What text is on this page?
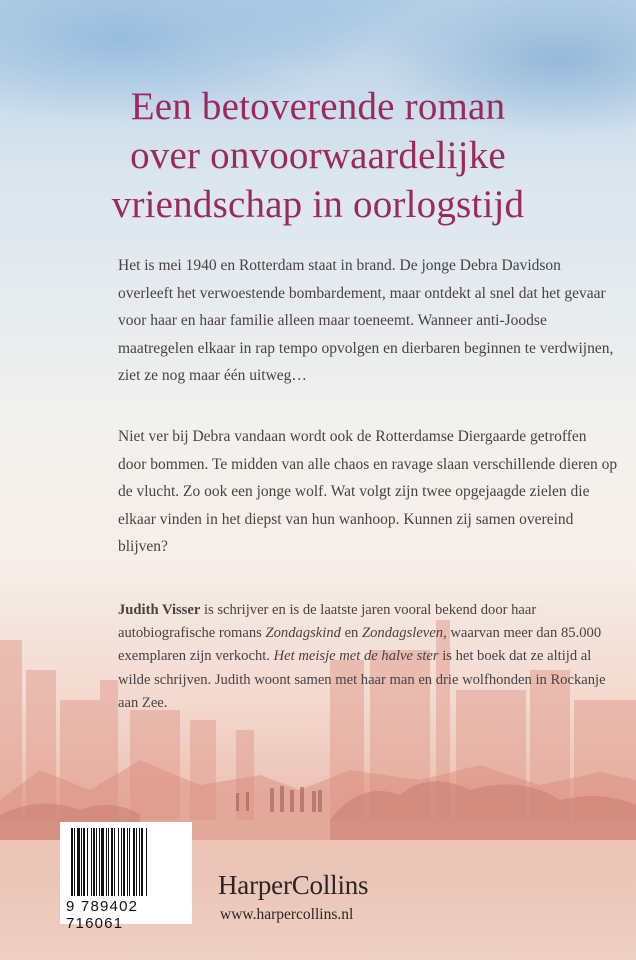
Een betoverende roman
over onvoorwaardelijke
vriendschap in oorlogstijd

Het is mei 1940 en Rotterdam staat in brand. De jonge Debra Davidson overleeft het verwoestende bombardement, maar ontdekt al snel dat het gevaar voor haar en haar familie alleen maar toeneemt. Wanneer anti-Joodse maatregelen elkaar in rap tempo opvolgen en dierbaren beginnen te verdwijnen, ziet ze nog maar één uitweg…

Niet ver bij Debra vandaan wordt ook de Rotterdamse Diergaarde getroffen door bommen. Te midden van alle chaos en ravage slaan verschillende dieren op de vlucht. Zo ook een jonge wolf. Wat volgt zijn twee opgejaagde zielen die elkaar vinden in het diepst van hun wanhoop. Kunnen zij samen overeind blijven?

Judith Visser is schrijver en is de laatste jaren vooral bekend door haar autobiografische romans Zondagskind en Zondagsleven, waarvan meer dan 85.000 exemplaren zijn verkocht. Het meisje met de halve ster is het boek dat ze altijd al wilde schrijven. Judith woont samen met haar man en drie wolfhonden in Rockanje aan Zee.

9 789402 716061
HarperCollins
www.harpercollins.nl
